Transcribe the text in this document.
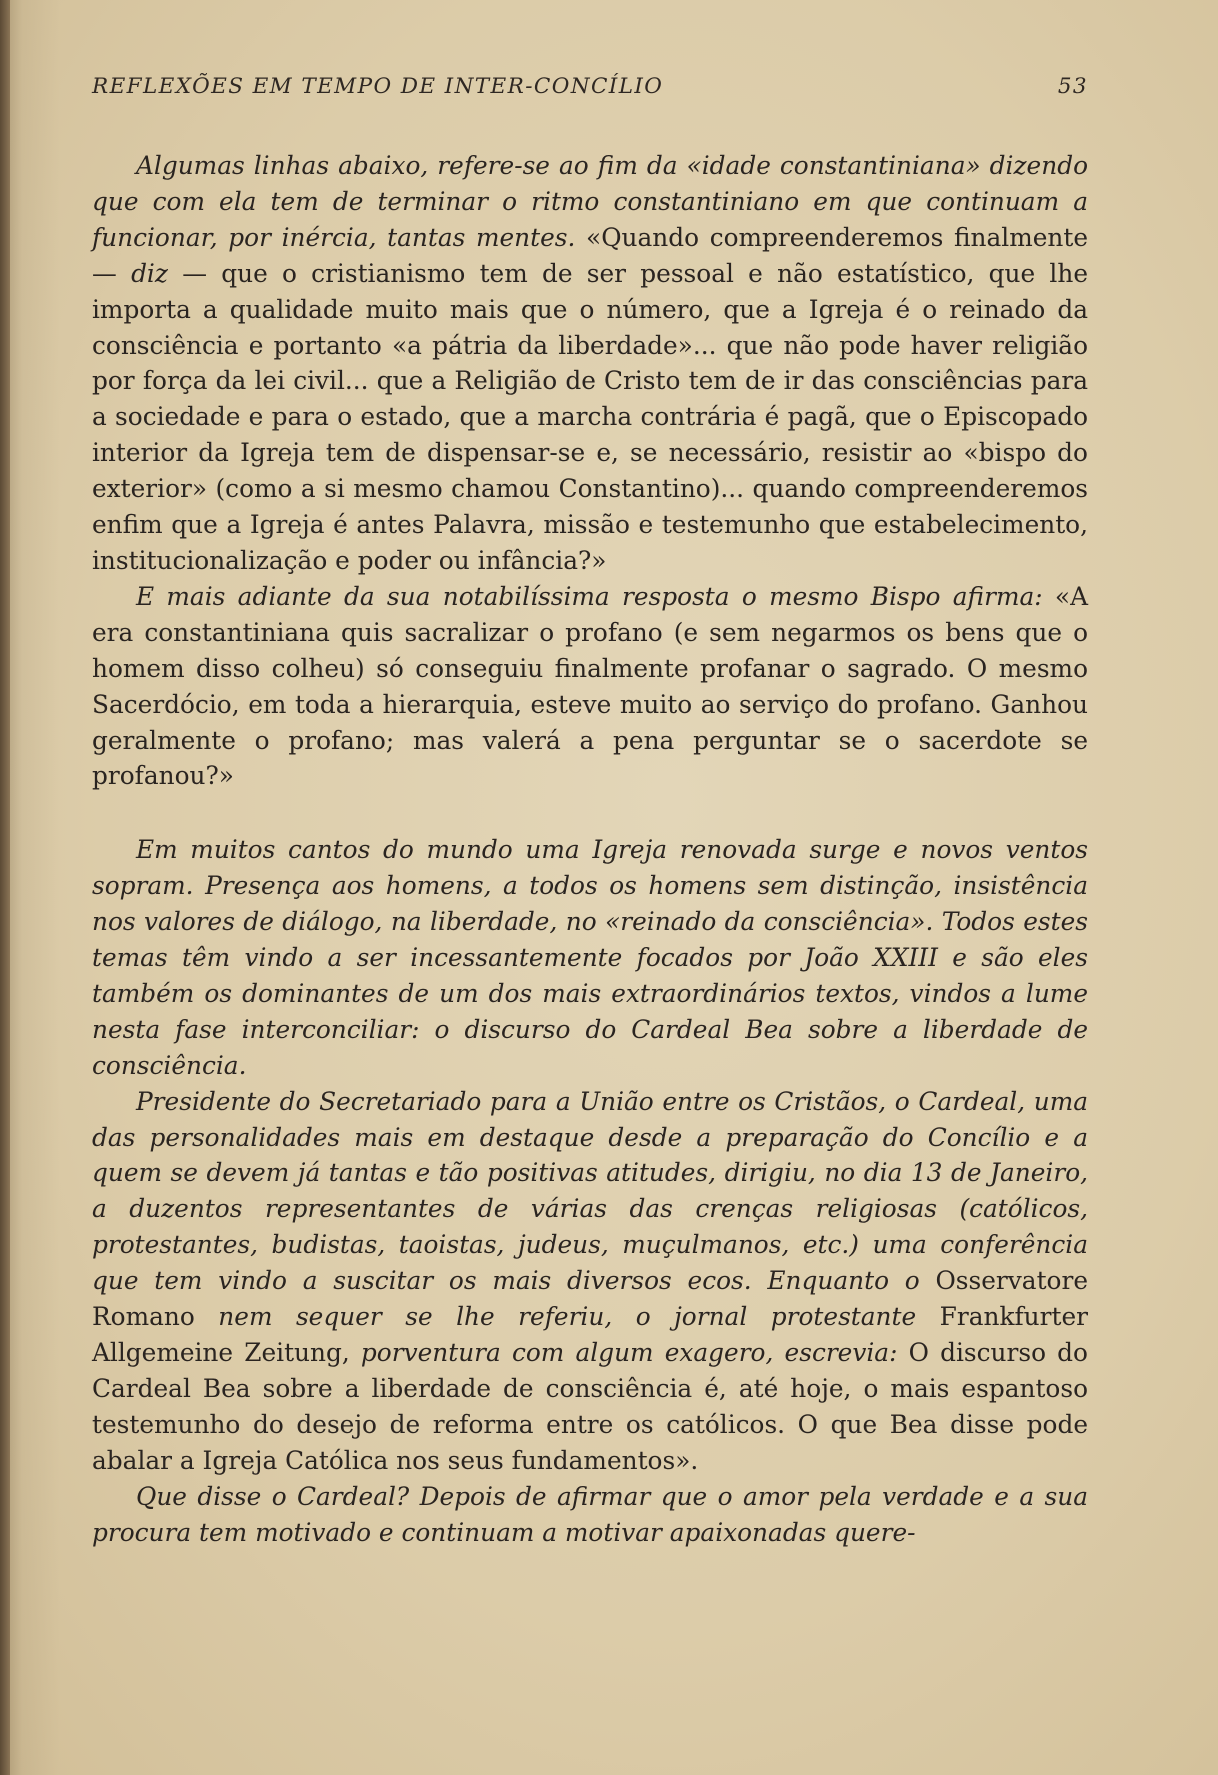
REFLEXÕES EM TEMPO DE INTER-CONCÍLIO	53

Algumas linhas abaixo, refere-se ao fim da «idade constantiniana» dizendo que com ela tem de terminar o ritmo constantiniano em que continuam a funcionar, por inércia, tantas mentes. «Quando compreenderemos finalmente — diz — que o cristianismo tem de ser pessoal e não estatístico, que lhe importa a qualidade muito mais que o número, que a Igreja é o reinado da consciência e portanto «a pátria da liberdade»... que não pode haver religião por força da lei civil... que a Religião de Cristo tem de ir das consciências para a sociedade e para o estado, que a marcha contrária é pagã, que o Episcopado interior da Igreja tem de dispensar-se e, se necessário, resistir ao «bispo do exterior» (como a si mesmo chamou Constantino)... quando compreenderemos enfim que a Igreja é antes Palavra, missão e testemunho que estabelecimento, institucionalização e poder ou infância?»

E mais adiante da sua notabilíssima resposta o mesmo Bispo afirma: «A era constantiniana quis sacralizar o profano (e sem negarmos os bens que o homem disso colheu) só conseguiu finalmente profanar o sagrado. O mesmo Sacerdócio, em toda a hierarquia, esteve muito ao serviço do profano. Ganhou geralmente o profano; mas valerá a pena perguntar se o sacerdote se profanou?»

Em muitos cantos do mundo uma Igreja renovada surge e novos ventos sopram. Presença aos homens, a todos os homens sem distinção, insistência nos valores de diálogo, na liberdade, no «reinado da consciência». Todos estes temas têm vindo a ser incessantemente focados por João XXIII e são eles também os dominantes de um dos mais extraordinários textos, vindos a lume nesta fase interconciliar: o discurso do Cardeal Bea sobre a liberdade de consciência.

Presidente do Secretariado para a União entre os Cristãos, o Cardeal, uma das personalidades mais em destaque desde a preparação do Concílio e a quem se devem já tantas e tão positivas atitudes, dirigiu, no dia 13 de Janeiro, a duzentos representantes de várias das crenças religiosas (católicos, protestantes, budistas, taoistas, judeus, muçulmanos, etc.) uma conferência que tem vindo a suscitar os mais diversos ecos. Enquanto o Osservatore Romano nem sequer se lhe referiu, o jornal protestante Frankfurter Allgemeine Zeitung, porventura com algum exagero, escrevia: O discurso do Cardeal Bea sobre a liberdade de consciência é, até hoje, o mais espantoso testemunho do desejo de reforma entre os católicos. O que Bea disse pode abalar a Igreja Católica nos seus fundamentos».

Que disse o Cardeal? Depois de afirmar que o amor pela verdade e a sua procura tem motivado e continuam a motivar apaixonadas quere-
